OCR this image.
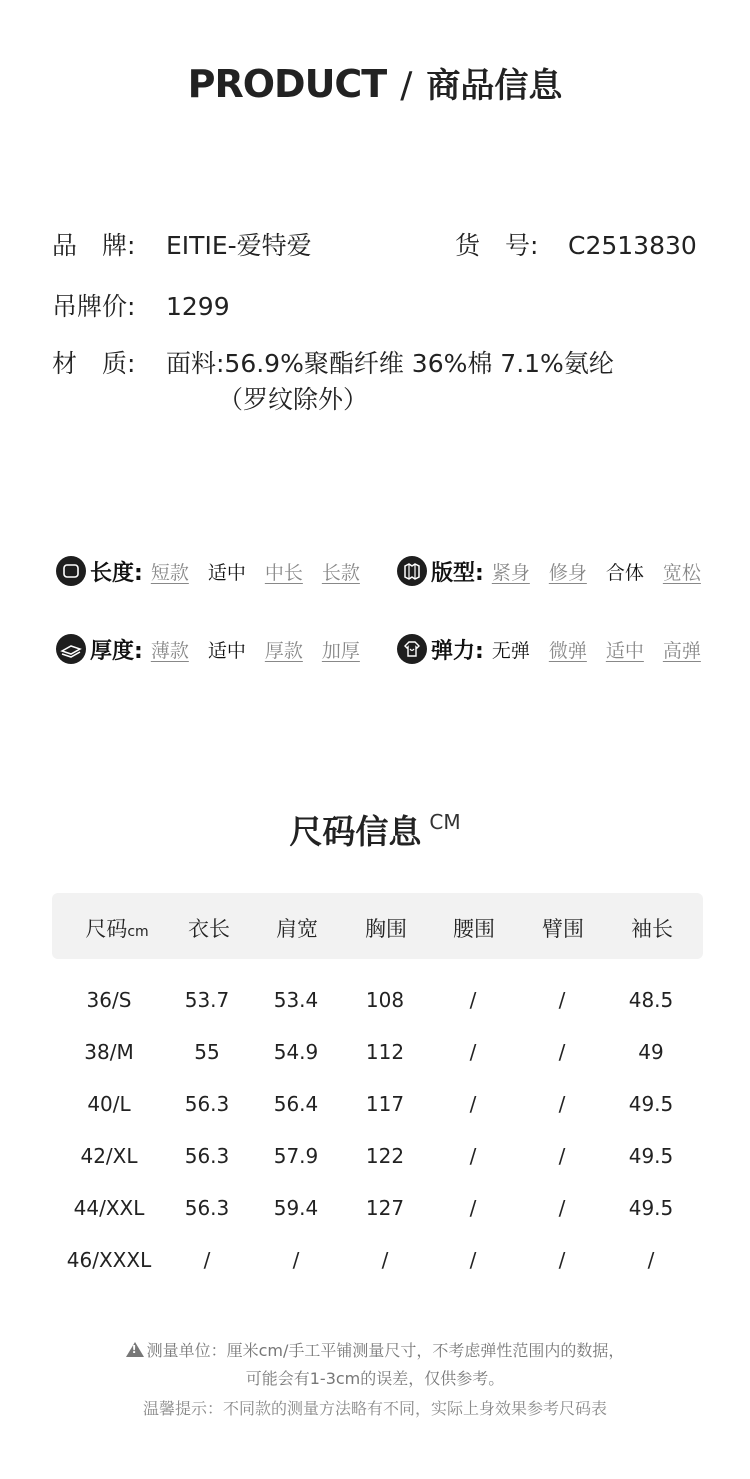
PRODUCT / 商品信息
品　牌: EITIE-爱特爱	货　号: C2513830
吊牌价: 1299
材　质: 面料:56.9%聚酯纤维 36%棉 7.1%氨纶
（罗纹除外）
长度: 短款 适中 中长 长款	版型: 紧身 修身 合体 宽松
厚度: 薄款 适中 厚款 加厚	弹力: 无弹 微弹 适中 高弹
尺码信息 CM
尺码cm	衣长	肩宽	胸围	腰围	臂围	袖长
36/S	53.7	53.4	108	/	/	48.5
38/M	55	54.9	112	/	/	49
40/L	56.3	56.4	117	/	/	49.5
42/XL	56.3	57.9	122	/	/	49.5
44/XXL	56.3	59.4	127	/	/	49.5
46/XXXL	/	/	/	/	/	/
!测量单位：厘米cm/手工平铺测量尺寸，不考虑弹性范围内的数据，
可能会有1-3cm的误差，仅供参考。
温馨提示：不同款的测量方法略有不同，实际上身效果参考尺码表
